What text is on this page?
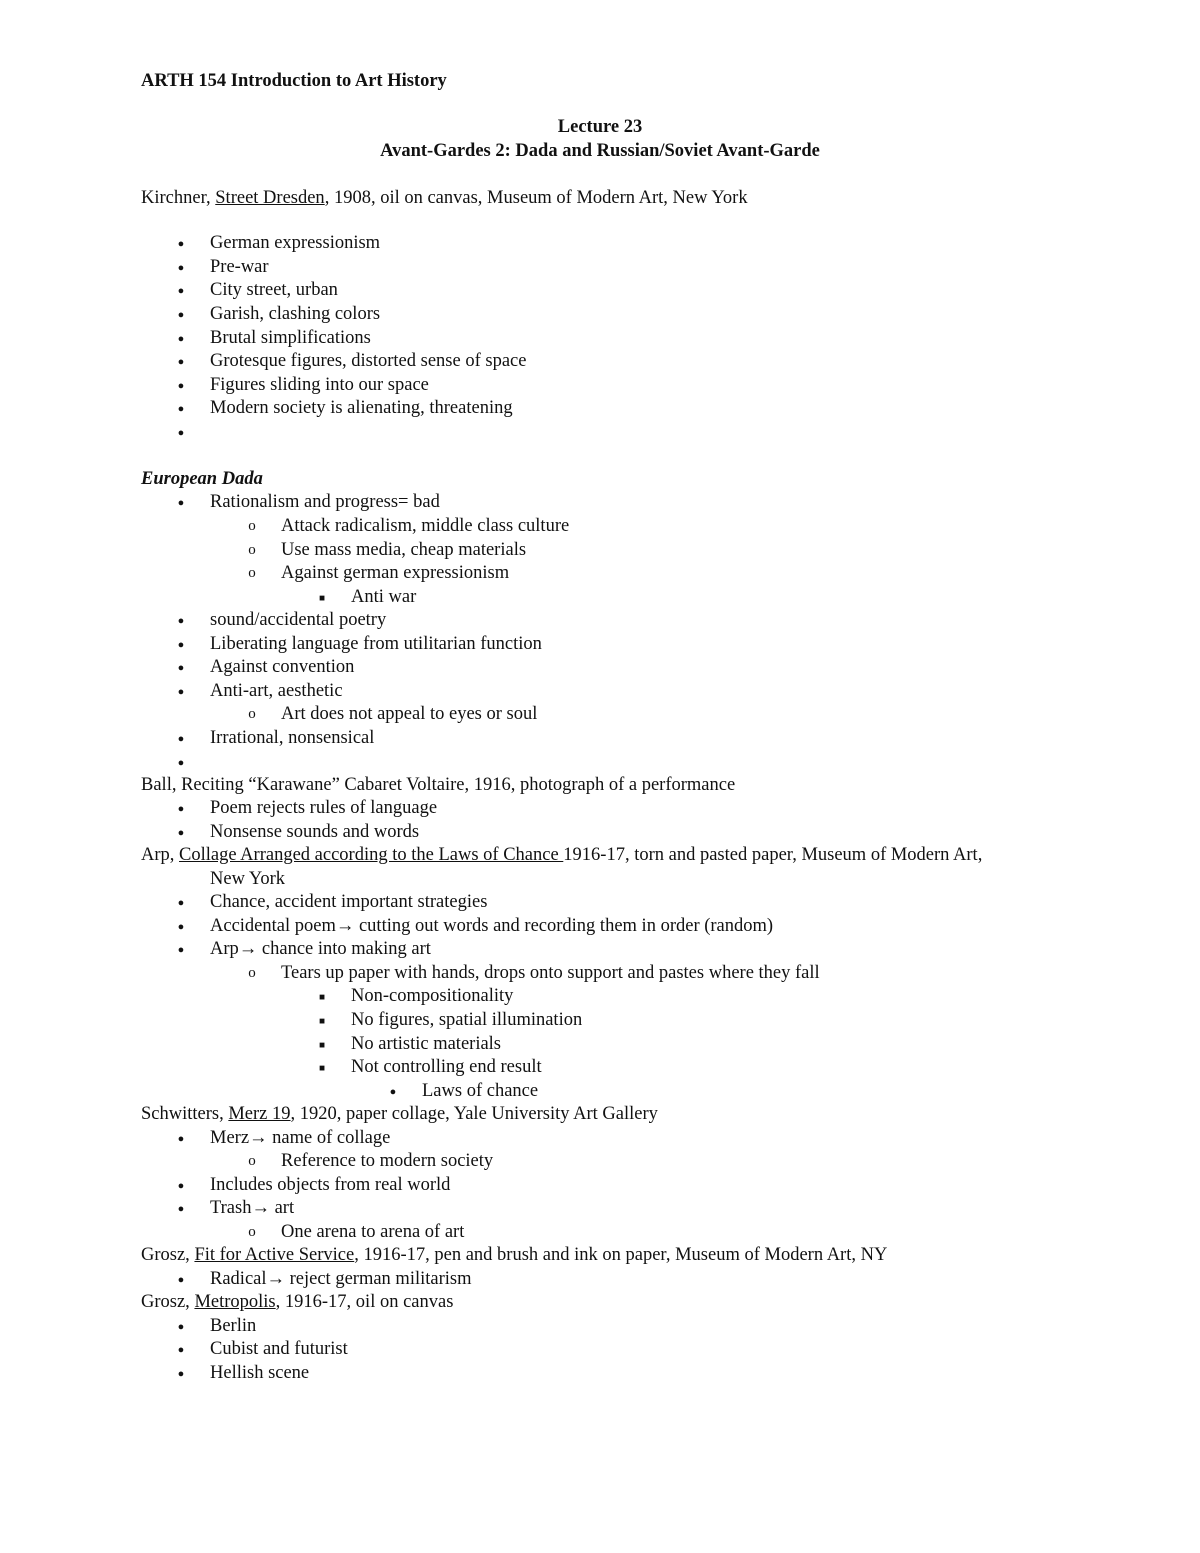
ARTH 154 Introduction to Art History
Lecture 23
Avant-Gardes 2: Dada and Russian/Soviet Avant-Garde
Kirchner, Street Dresden, 1908, oil on canvas, Museum of Modern Art, New York
●
German expressionism
●
Pre-war
●
City street, urban
●
Garish, clashing colors
●
Brutal simplifications
●
Grotesque figures, distorted sense of space
●
Figures sliding into our space
●
Modern society is alienating, threatening
●
European Dada
●
Rationalism and progress= bad
o
Attack radicalism, middle class culture
o
Use mass media, cheap materials
o
Against german expressionism
■
Anti war
●
sound/accidental poetry
●
Liberating language from utilitarian function
●
Against convention
●
Anti-art, aesthetic
o
Art does not appeal to eyes or soul
●
Irrational, nonsensical
●
Ball, Reciting “Karawane” Cabaret Voltaire, 1916, photograph of a performance
●
Poem rejects rules of language
●
Nonsense sounds and words
Arp, Collage Arranged according to the Laws of Chance 1916-17, torn and pasted paper, Museum of Modern Art,
New York
●
Chance, accident important strategies
●
Accidental poem→ cutting out words and recording them in order (random)
●
Arp→ chance into making art
o
Tears up paper with hands, drops onto support and pastes where they fall
■
Non-compositionality
■
No figures, spatial illumination
■
No artistic materials
■
Not controlling end result
●
Laws of chance
Schwitters, Merz 19, 1920, paper collage, Yale University Art Gallery
●
Merz→ name of collage
o
Reference to modern society
●
Includes objects from real world
●
Trash→ art
o
One arena to arena of art
Grosz, Fit for Active Service, 1916-17, pen and brush and ink on paper, Museum of Modern Art, NY
●
Radical→ reject german militarism
Grosz, Metropolis, 1916-17, oil on canvas
●
Berlin
●
Cubist and futurist
●
Hellish scene
